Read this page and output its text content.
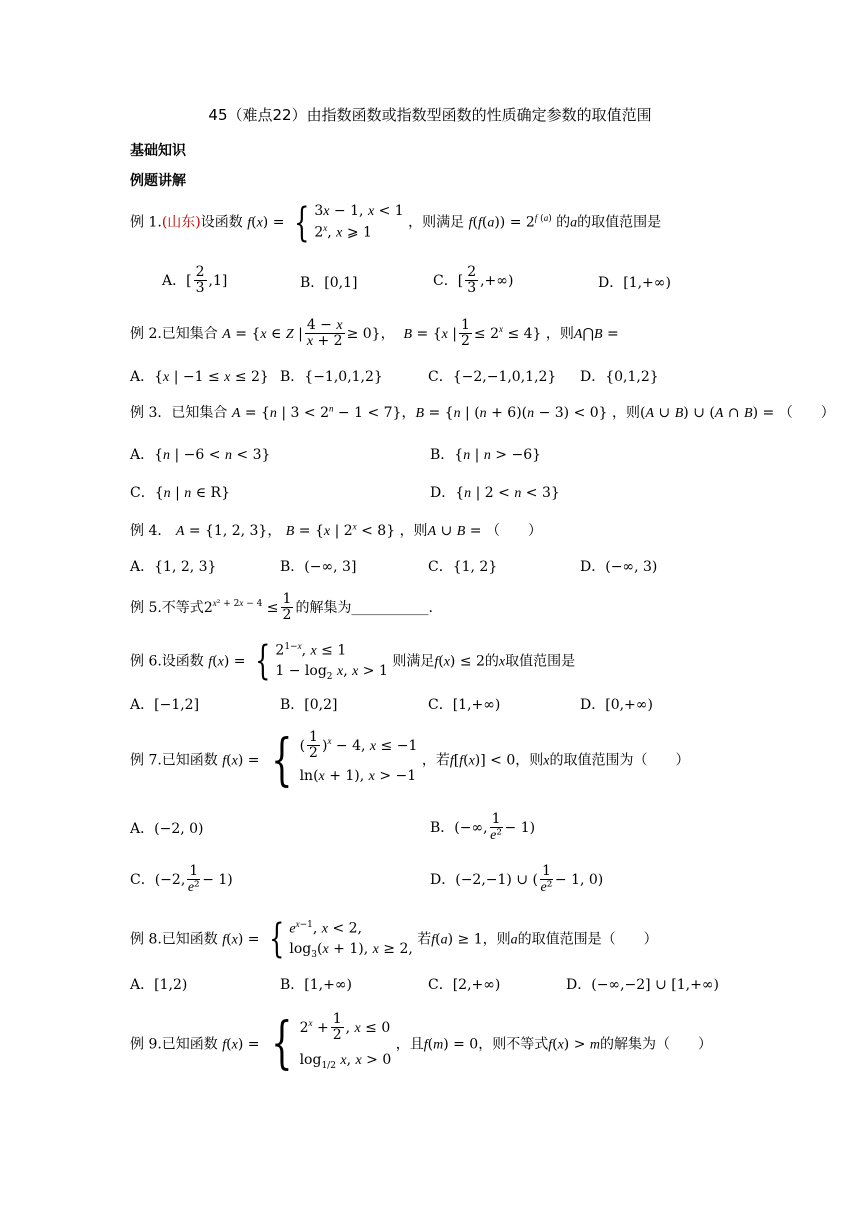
45（难点22）由指数函数或指数型函数的性质确定参数的取值范围
基础知识
例题讲解
例 1.(山东)设函数 f(x) = { 3x − 1, x < 1
2$^x$, x ⩾ 1
，则满足 $f(f(a)) = 2^{f (a)}$ 的a的取值范围是
A．[ $\frac{2}{3} ,1$]	B．[0,1]	C．[ $\frac{2}{3}$ ,+∞)	D．[1,+∞)
例 2.已知集合 A = {x ∈ Z | $\frac{4 - x}{x + 2} \ge 0$}，  B = {x | $\frac{1}{2} \le 2^x \le 4$} ，则A⋂B =
A．{x | −1 ≤ x ≤ 2} B．{−1,0,1,2}	C．{−2,−1,0,1,2} D．{0,1,2}
例 3．已知集合 A = {n | $3 < 2^n - 1 < 7$}，B = {n | (n + 6)(n − 3) < 0} ，则(A ∪ B) ∪ (A ∩ B) = （　　）
A．{n | −6 < n < 3}	B．{n | n > −6}
C．{n | n ∈ R}	D．{n | 2 < n < 3}
例 4． A = {1, 2, 3}， B = {x | $2^x < 8$} ，则A ∪ B = （　　）
A．{1, 2, 3}	B．(−∞, 3]	C．{1, 2}	D．(−∞, 3)
例 5.不等式$2^{x^2 + 2x - 4} \le \frac{1}{2}$ 的解集为___________.
例 6.设函数 f(x) = { $2^{1-x}$, x ≤ 1
$1 - \log_2 x$, x > 1
则满足f(x) ≤ 2的x取值范围是
A．[−1,2]	B．[0,2]	C．[1,+∞)	D．[0,+∞)
例 7.已知函数 f(x) = { ( $\frac{1}{2} )^x - 4$, x ≤ −1
ln(x + 1), x > −1
，若f[f(x)] < 0，则x的取值范围为（　　）
A．(−2, 0)	B．(−∞, $\frac{1}{\text{e²}} - 1$)
C．(−2, $\frac{1}{\text{e²}} - 1$)	D．(−2,−1) ∪ ( $\frac{1}{\text{e²}} - 1$, 0)
例 8.已知函数 f(x) = { $e^{x-1}$, x < 2,
$\log_3(x + 1)$, x ≥ 2,
若f(a) ≥ 1，则a的取值范围是（　　）
A．[1,2)	B．[1,+∞)	C．[2,+∞)	D．(−∞,−2] ∪ [1,+∞)
例 9.已知函数 f(x) = { $2^x + \frac{1}{2}$ , x ≤ 0
$\log_{1/2} x$, x > 0
，且f(m) = 0，则不等式f(x) > m的解集为（　　）
